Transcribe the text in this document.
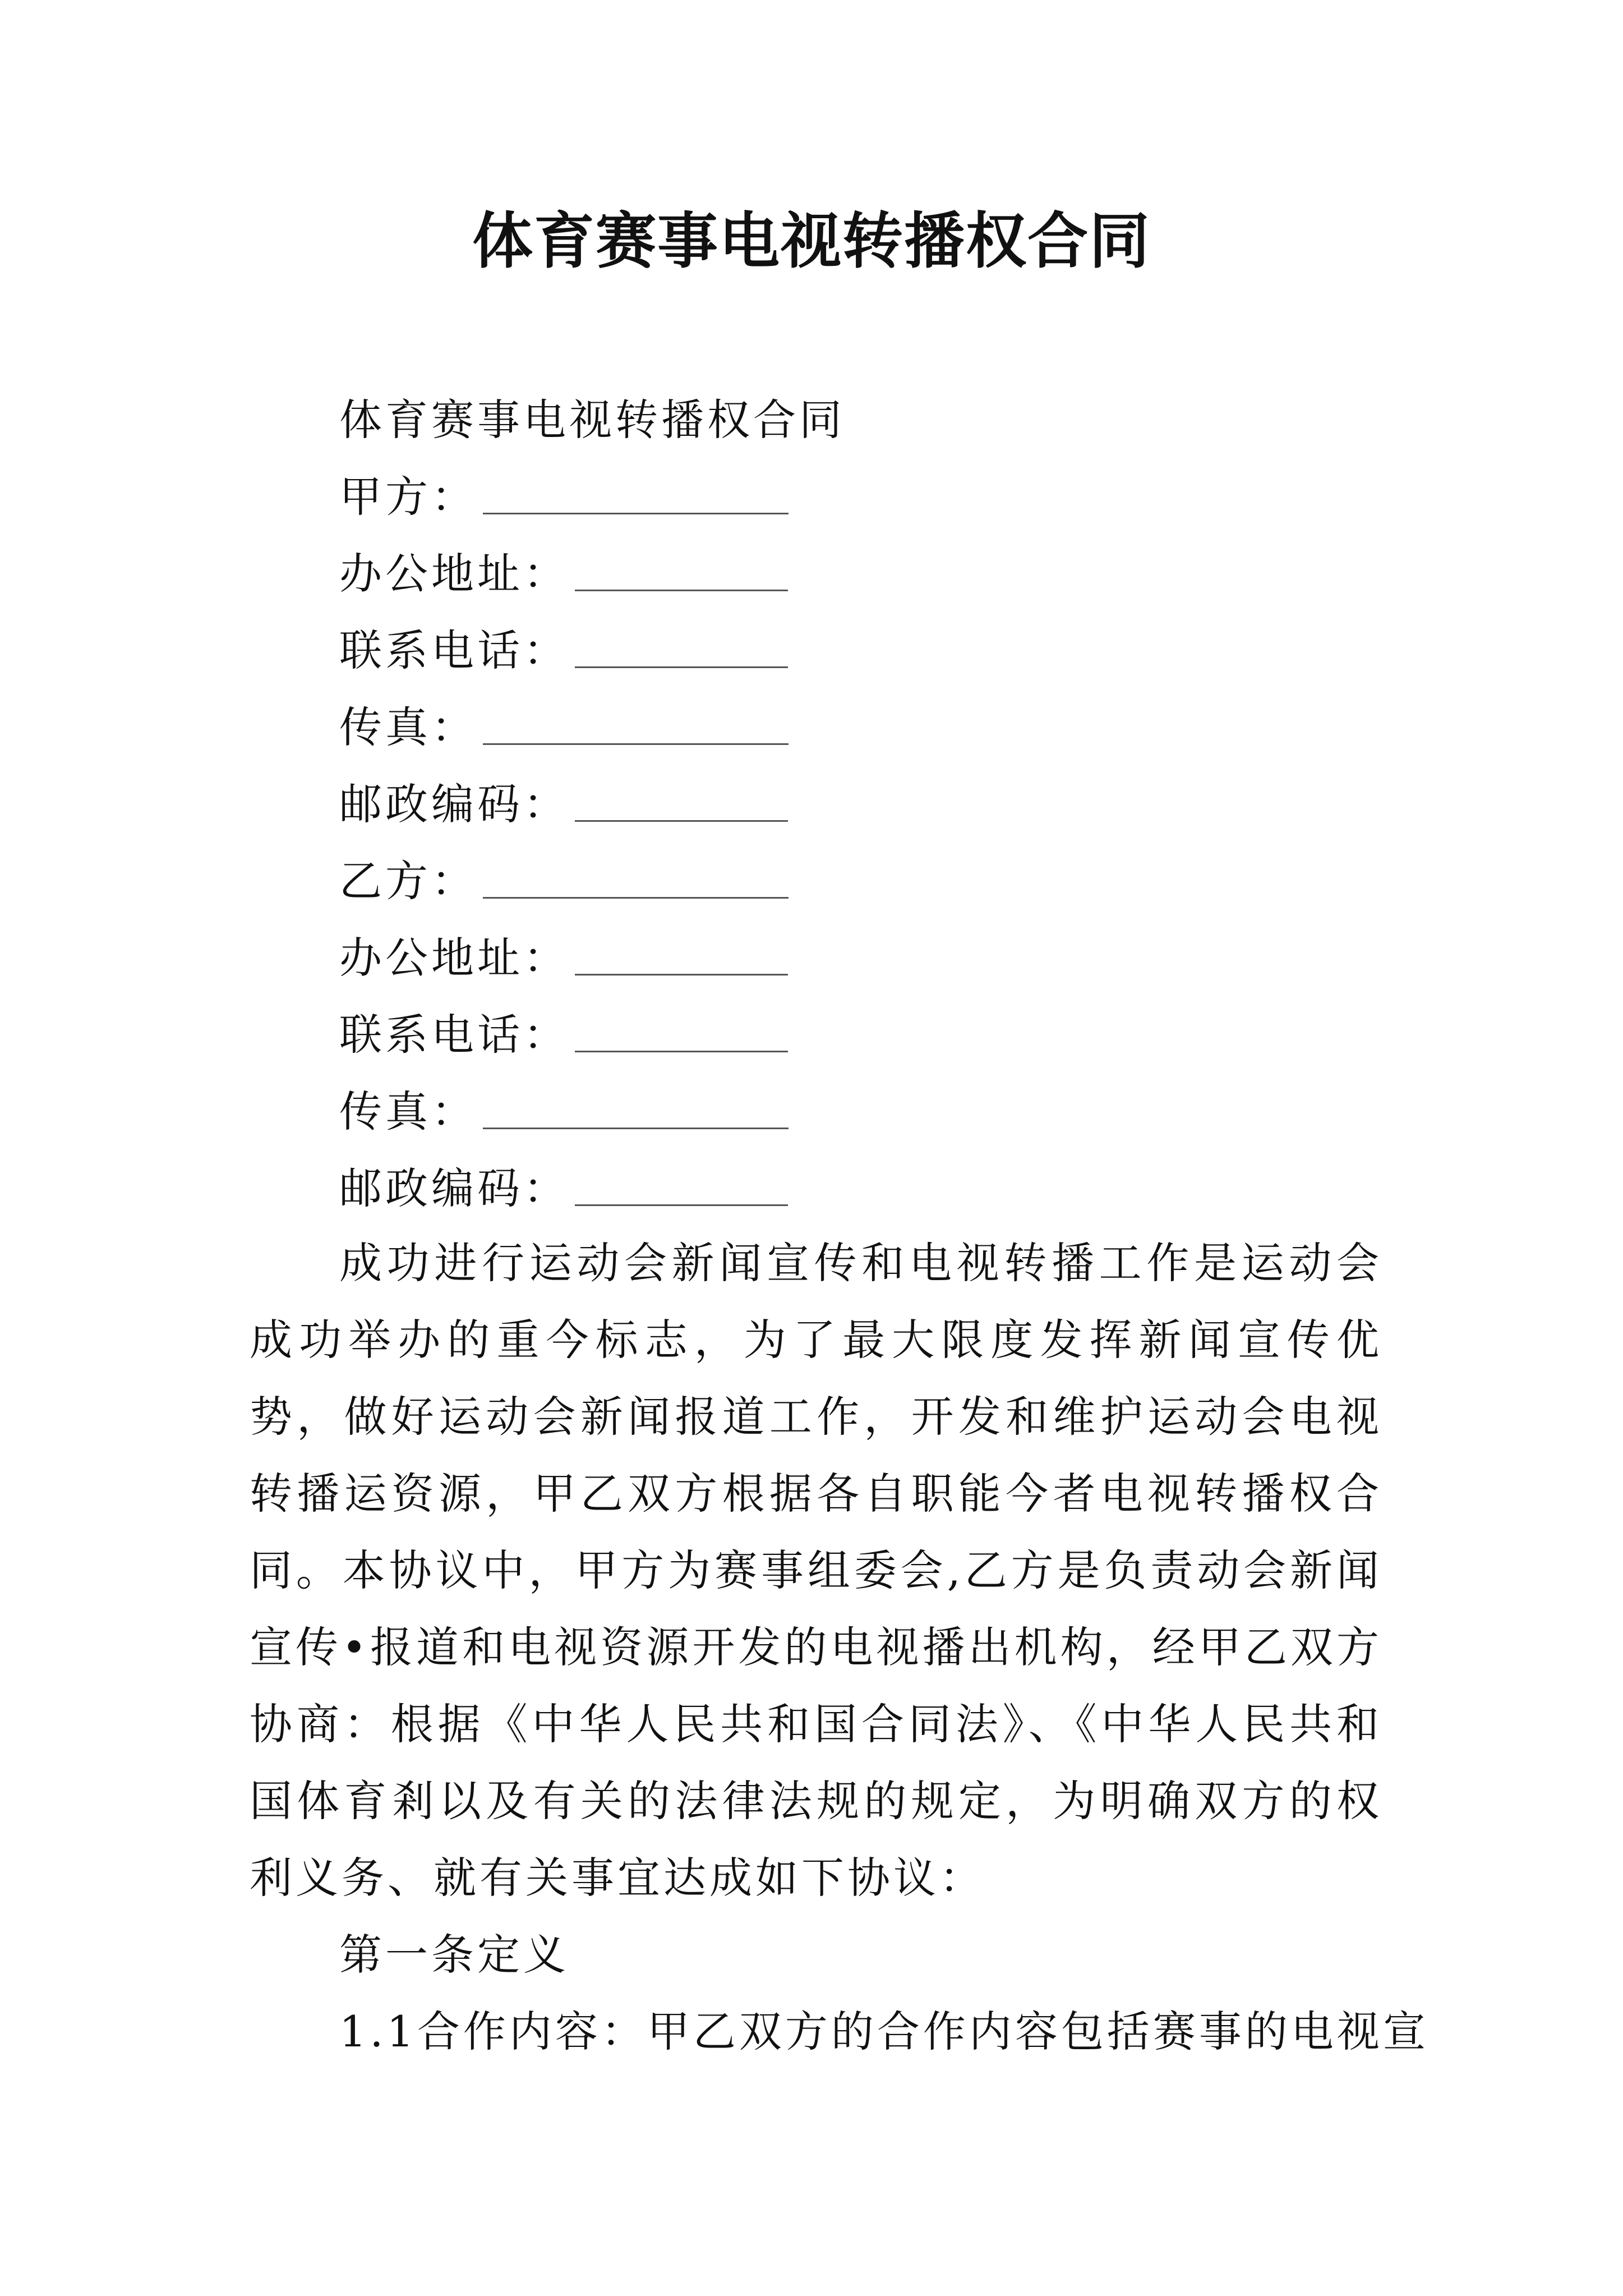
体育赛事电视转播权合同
体育赛事电视转播权合同
甲方：
办公地址：
联系电话：
传真：
邮政编码：
乙方：
办公地址：
联系电话：
传真：
邮政编码：

成功进行运动会新闻宣传和电视转播工作是运动会成功举办的重今标志，为了最大限度发挥新闻宣传优势，做好运动会新闻报道工作，开发和维护运动会电视转播运资源，甲乙双方根据各自职能今者电视转播权合同。本协议中，甲方为赛事组委会,乙方是负责动会新闻宣传•报道和电视资源开发的电视播出机构，经甲乙双方协商：根据《中华人民共和国合同法》、《中华人民共和国体育剎以及有关的法律法规的规定，为明确双方的权利义务、就有关事宜达成如下协议：

第一条定义

1.1合作内容：甲乙双方的合作内容包括赛事的电视宣
